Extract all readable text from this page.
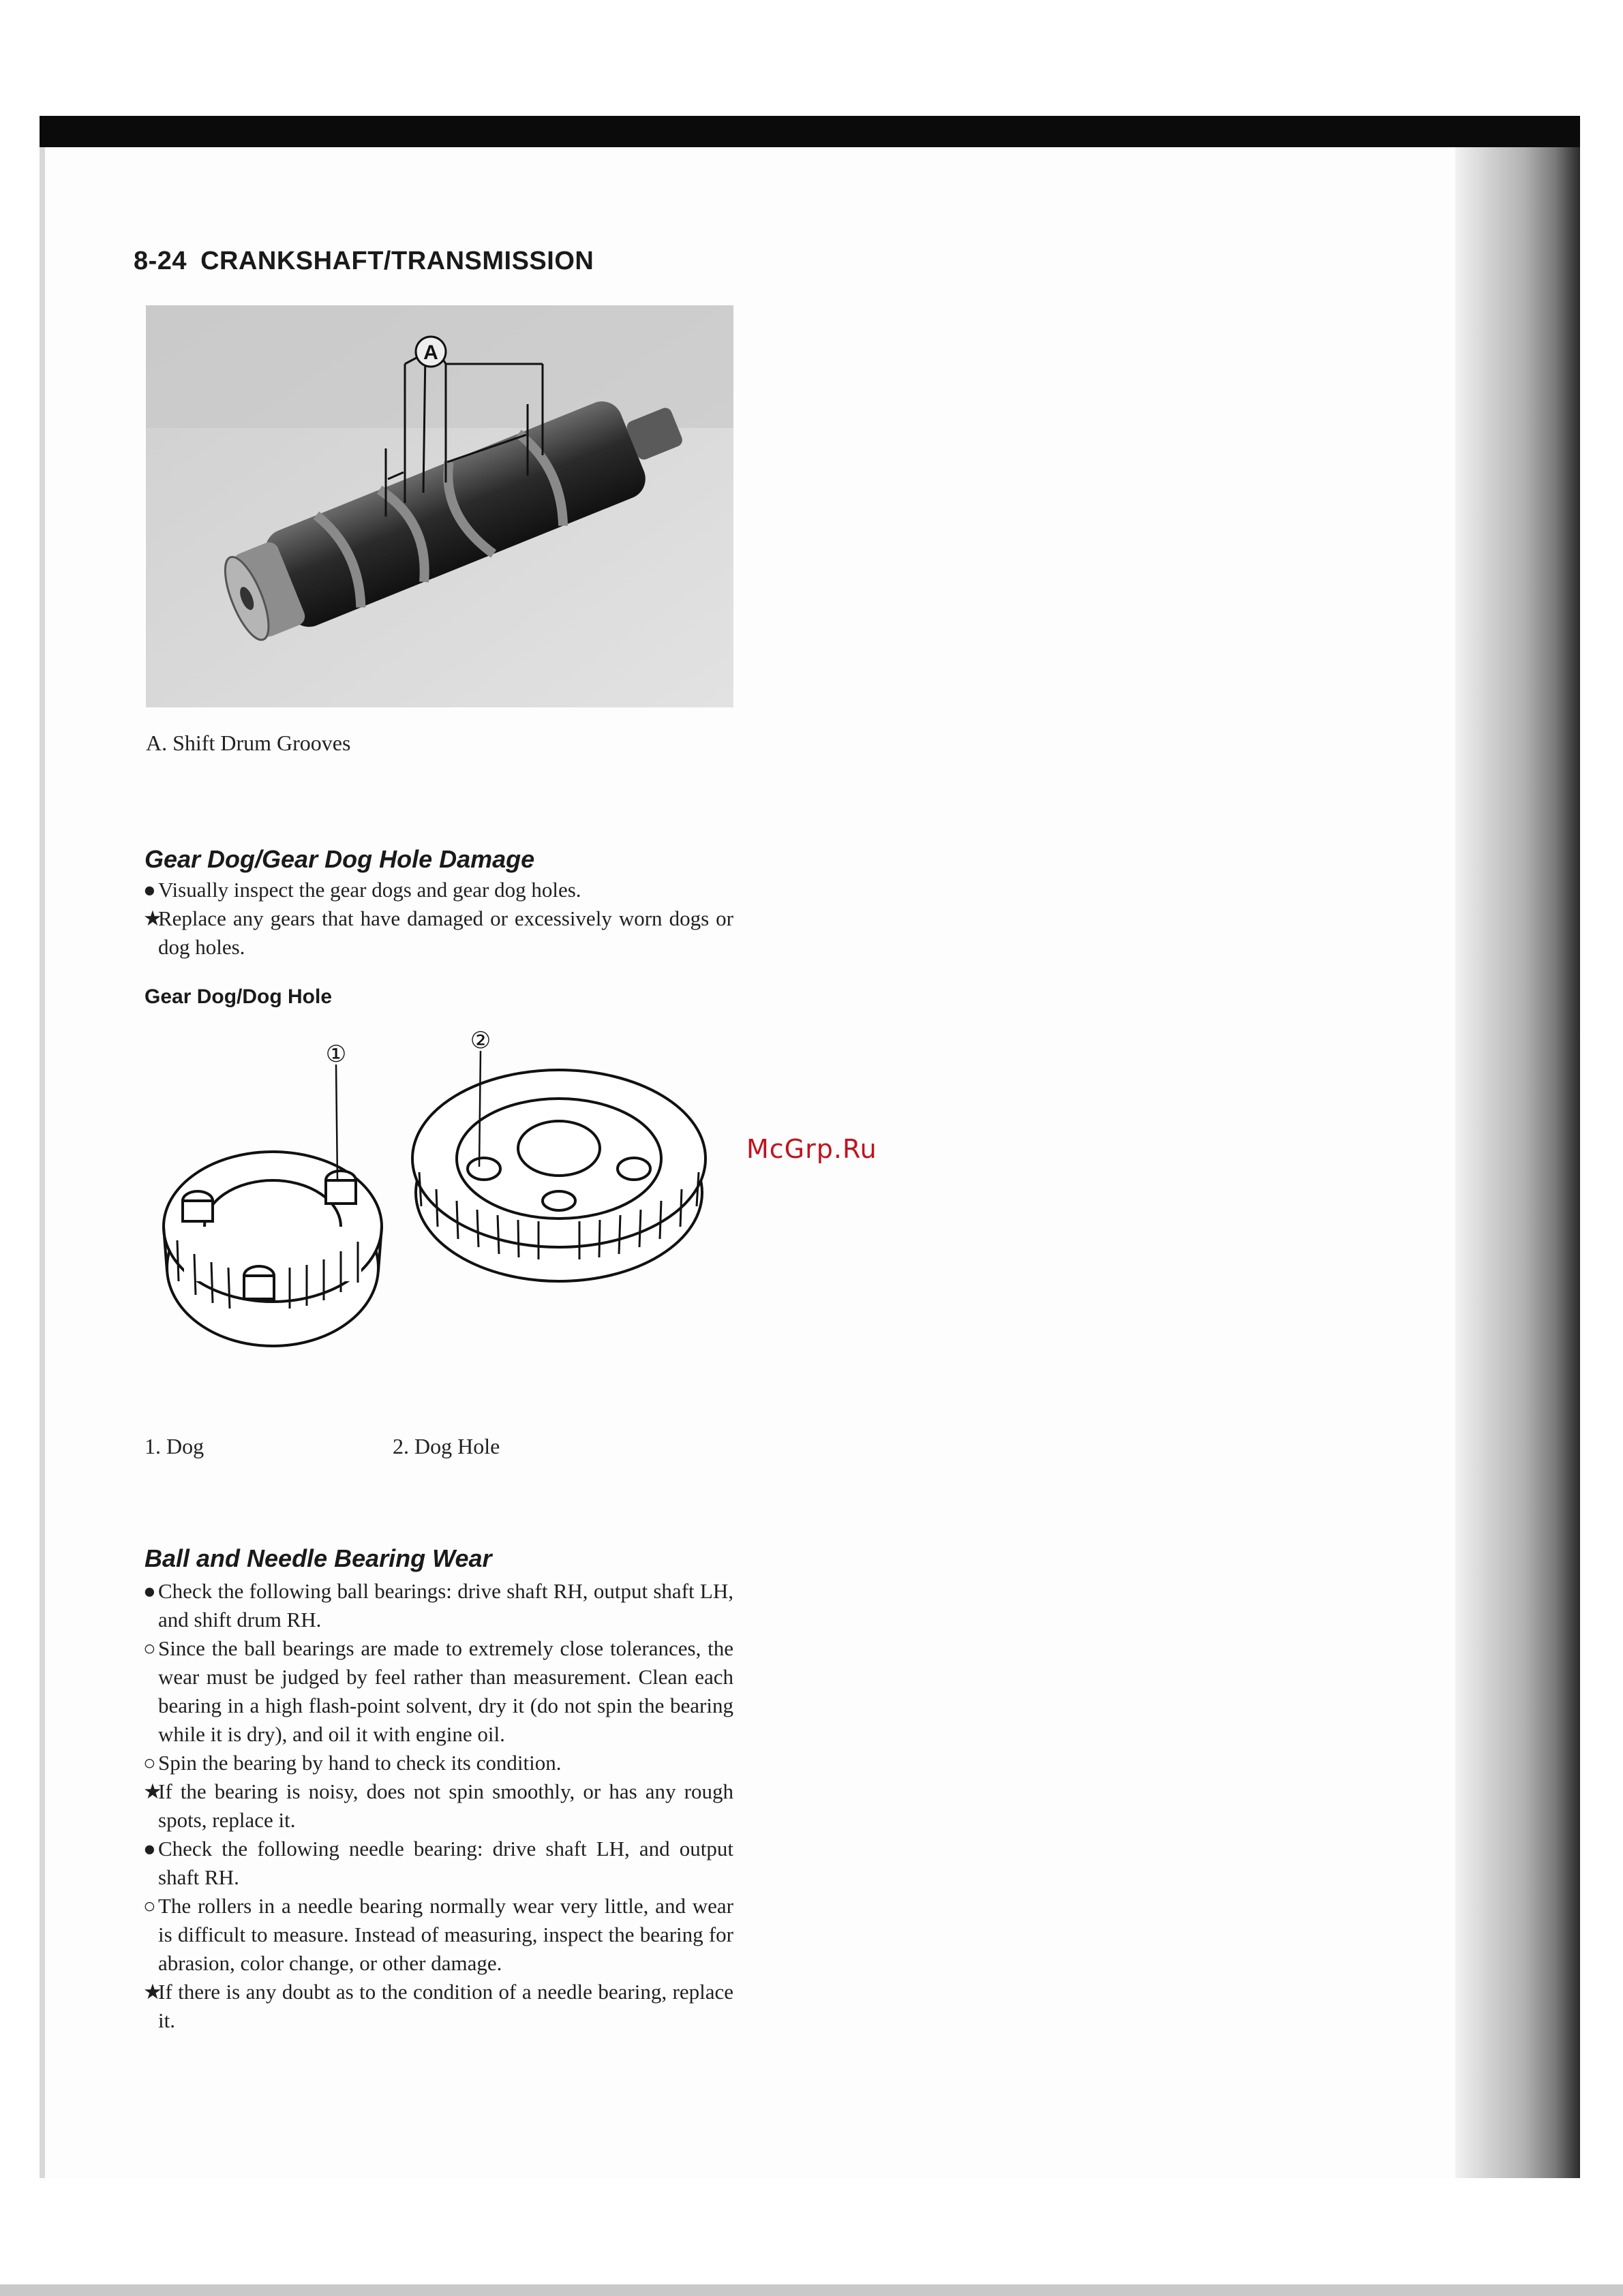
8-24 CRANKSHAFT/TRANSMISSION
A
A. Shift Drum Grooves
Gear Dog/Gear Dog Hole Damage
● Visually inspect the gear dogs and gear dog holes.
★
Replace any gears that have damaged or excessively worn dogs or dog holes.
Gear Dog/Dog Hole
①	②
McGrp.Ru
1. Dog	2. Dog Hole
Ball and Needle Bearing Wear
● Check the following ball bearings: drive shaft RH, output shaft LH, and shift drum RH.
○ Since the ball bearings are made to extremely close tolerances, the wear must be judged by feel rather than measurement. Clean each bearing in a high flash-point solvent, dry it (do not spin the bearing while it is dry), and oil it with engine oil.
○ Spin the bearing by hand to check its condition.
★
If the bearing is noisy, does not spin smoothly, or has any rough spots, replace it.
● Check the following needle bearing: drive shaft LH, and output shaft RH.
○ The rollers in a needle bearing normally wear very little, and wear is difficult to measure. Instead of measuring, inspect the bearing for abrasion, color change, or other damage.
★
If there is any doubt as to the condition of a needle bearing, replace it.
